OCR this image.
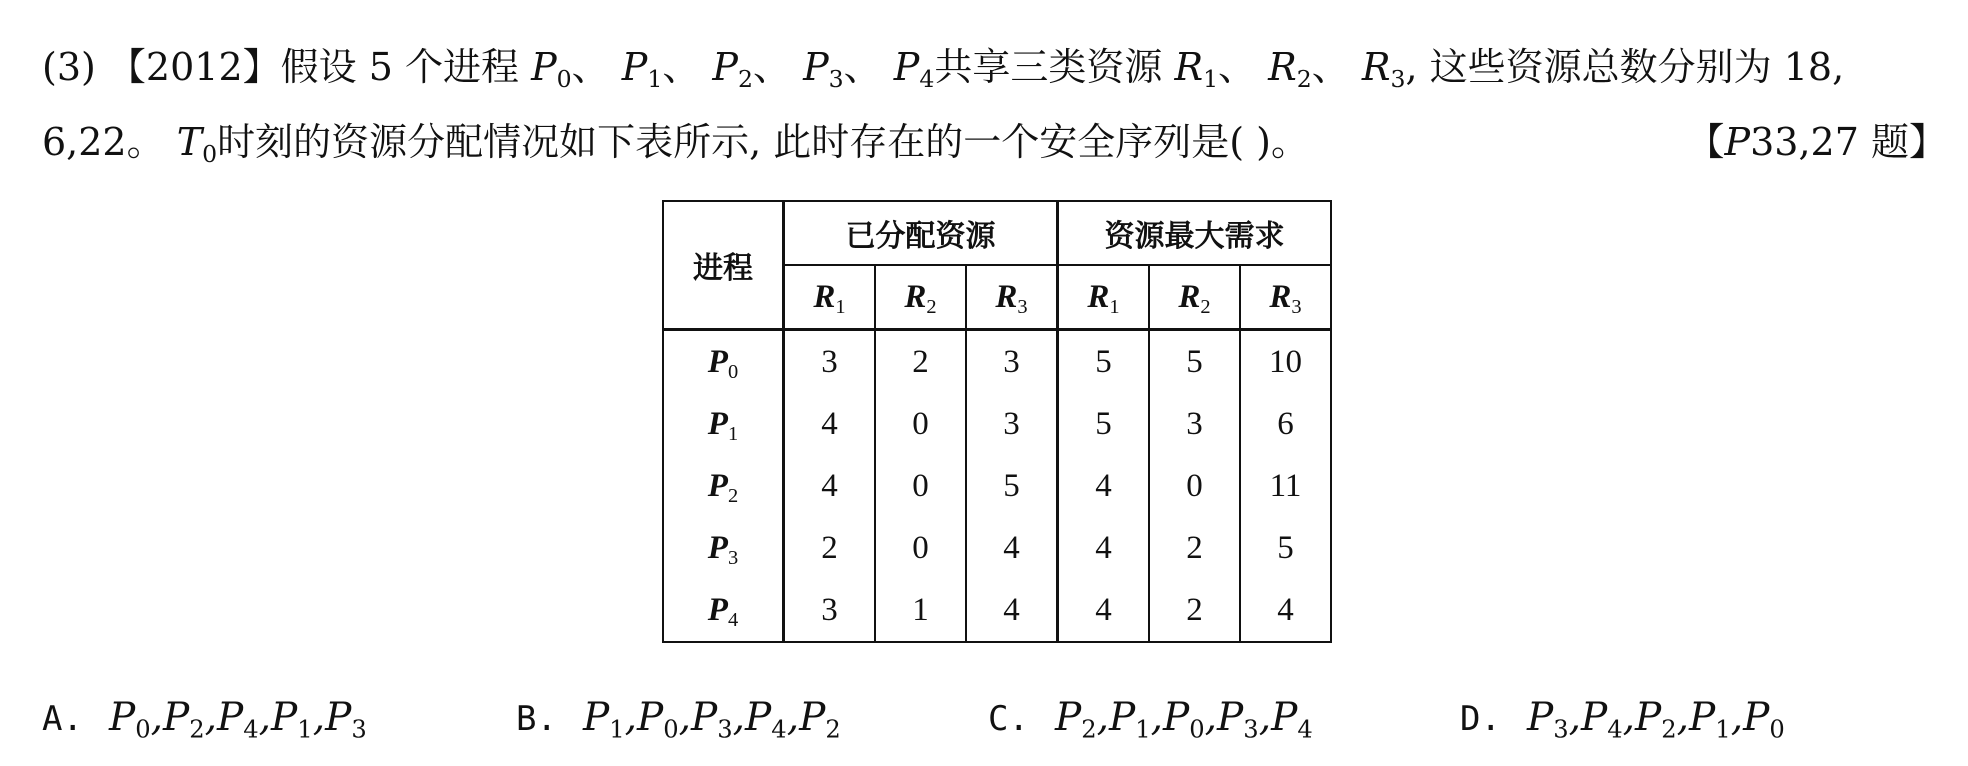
(3) 【2012】假设 5 个进程 $P_0$、 $P_1$、 $P_2$、 $P_3$、 $P_4$共享三类资源 $R_1$、 $R_2$、 $R_3$, 这些资源总数分别为 18,
6,22。 $T_0$时刻的资源分配情况如下表所示, 此时存在的一个安全序列是( )。	【P33,27 题】
进程	已分配资源			资源最大需求		
	$R_1$	$R_2$	$R_3$	$R_1$	$R_2$	$R_3$
$P_0$	3	2	3	5	5	10
$P_1$	4	0	3	5	3	6
$P_2$	4	0	5	4	0	11
$P_3$	2	0	4	4	2	5
$P_4$	3	1	4	4	2	4
A. $P_0,P_2,P_4,P_1,P_3$	B. $P_1,P_0,P_3,P_4,P_2$	C. $P_2,P_1,P_0,P_3,P_4$	D. $P_3,P_4,P_2,P_1,P_0$
